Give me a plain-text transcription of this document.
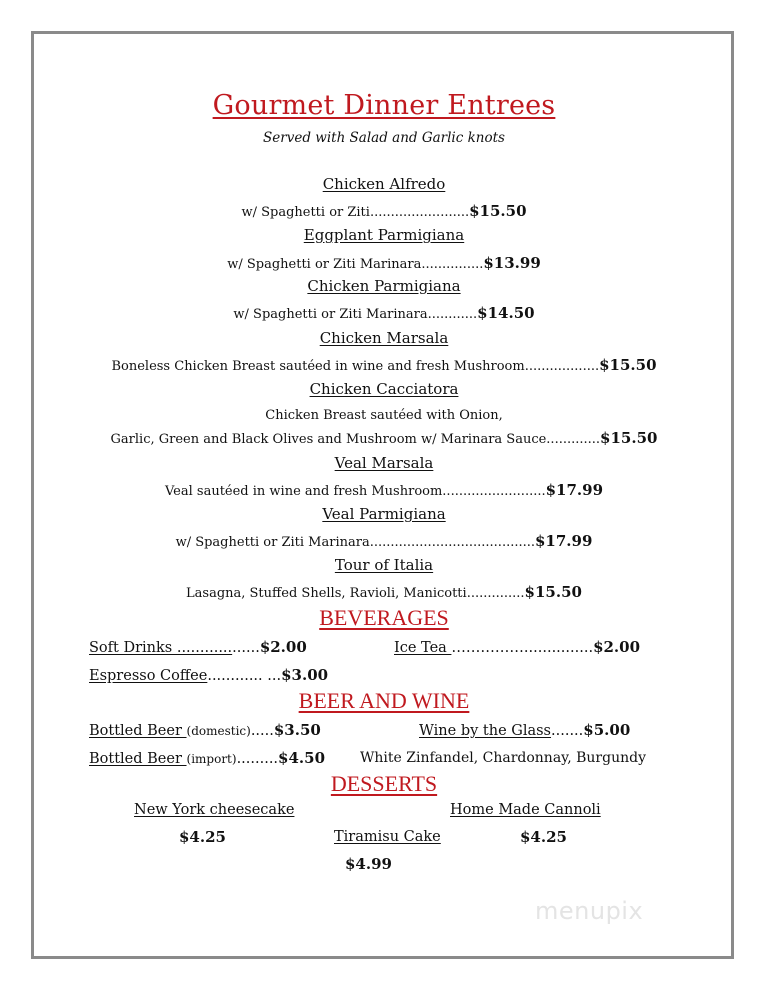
Gourmet Dinner Entrees
Served with Salad and Garlic knots
Chicken Alfredo
w/ Spaghetti or Ziti........................$15.50
Eggplant Parmigiana
w/ Spaghetti or Ziti Marinara...............$13.99
Chicken Parmigiana
w/ Spaghetti or Ziti Marinara............$14.50
Chicken Marsala
Boneless Chicken Breast sautéed in wine and fresh Mushroom..................$15.50
Chicken Cacciatora
Chicken Breast sautéed with Onion,
Garlic, Green and Black Olives and Mushroom w/ Marinara Sauce.............$15.50
Veal Marsala
Veal sautéed in wine and fresh Mushroom.........................$17.99
Veal Parmigiana
w/ Spaghetti or Ziti Marinara........................................$17.99
Tour of Italia
Lasagna, Stuffed Shells, Ravioli, Manicotti..............$15.50
BEVERAGES
Soft Drinks ..................$2.00	Ice Tea ……………...............$2.00
Espresso Coffee............ ...$3.00
BEER AND WINE
Bottled Beer (domestic).....$3.50	Wine by the Glass.......$5.00
Bottled Beer (import).........$4.50 White Zinfandel, Chardonnay, Burgundy
DESSERTS
New York cheesecake
$4.25
Home Made Cannoli
$4.25
Tiramisu Cake
$4.99
menupix
